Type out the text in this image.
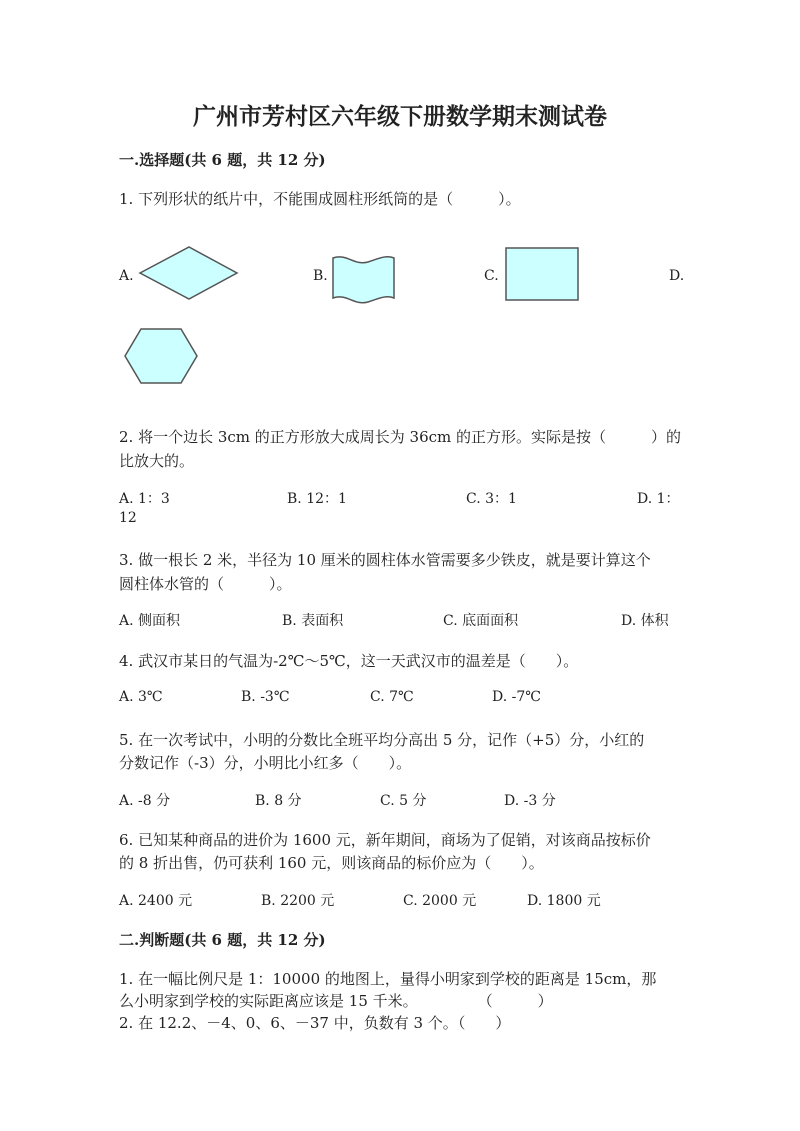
广州市芳村区六年级下册数学期末测试卷
一.选择题(共 6 题，共 12 分)
1. 下列形状的纸片中，不能围成圆柱形纸筒的是（　　　）。
A.	B.	C.	D.
2. 将一个边长 3cm 的正方形放大成周长为 36cm 的正方形。实际是按（　　　）的
比放大的。
A. 1：3	B. 12：1	C. 3：1	D. 1：
12
3. 做一根长 2 米，半径为 10 厘米的圆柱体水管需要多少铁皮，就是要计算这个
圆柱体水管的（　　　）。
A. 侧面积	B. 表面积	C. 底面面积	D. 体积
4. 武汉市某日的气温为-2℃～5℃，这一天武汉市的温差是（　　）。
A. 3℃	B. -3℃	C. 7℃	D. -7℃
5. 在一次考试中，小明的分数比全班平均分高出 5 分，记作（+5）分，小红的
分数记作（-3）分，小明比小红多（　　）。
A. -8 分	B. 8 分	C. 5 分	D. -3 分
6. 已知某种商品的进价为 1600 元，新年期间，商场为了促销，对该商品按标价
的 8 折出售，仍可获利 160 元，则该商品的标价应为（　　）。
A. 2400 元	B. 2200 元	C. 2000 元	D. 1800 元
二.判断题(共 6 题，共 12 分)
1. 在一幅比例尺是 1：10000 的地图上，量得小明家到学校的距离是 15cm，那
么小明家到学校的实际距离应该是 15 千米。　　　　　（　　　）
2. 在 12.2、－4、0、6、－37 中，负数有 3 个。（　　）
